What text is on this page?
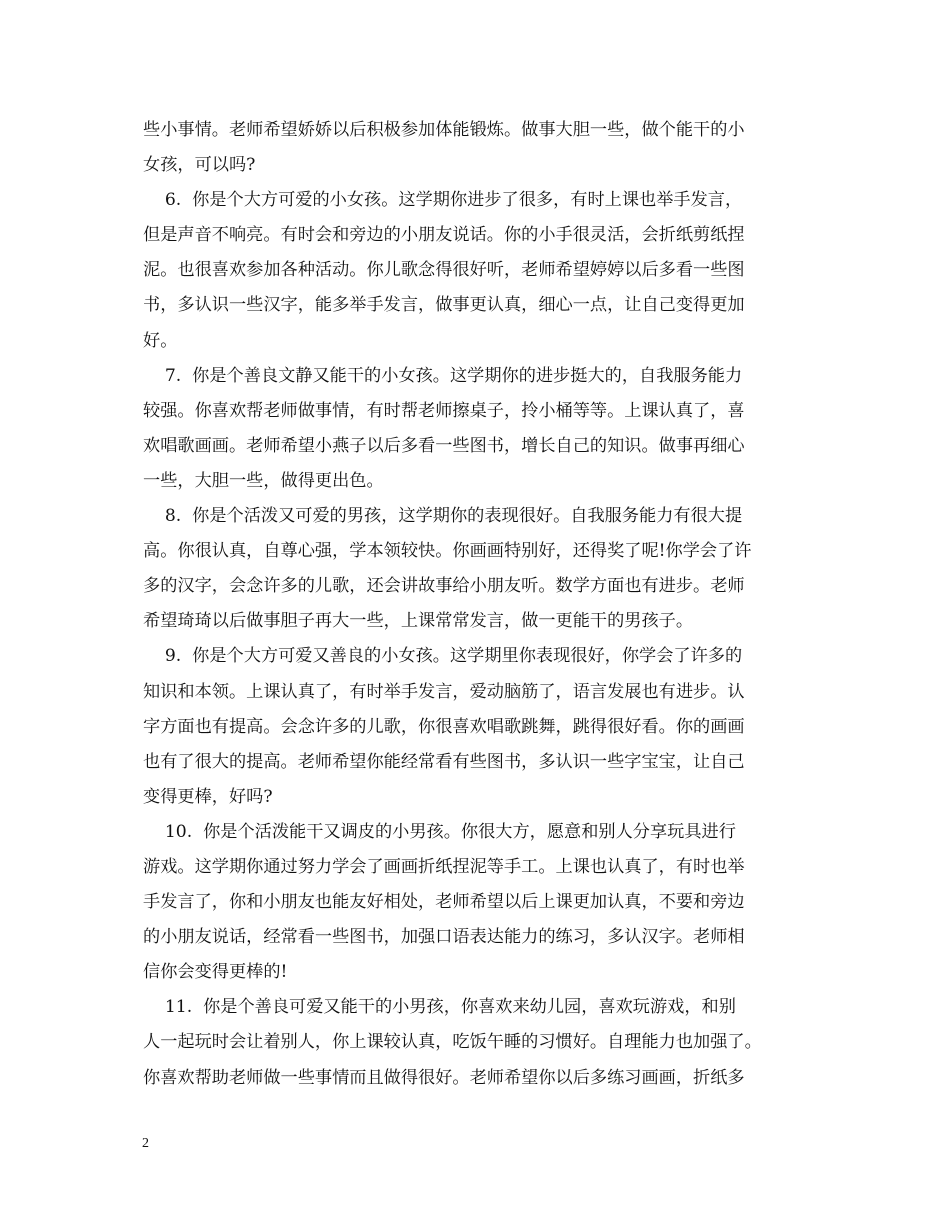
些小事情。老师希望娇娇以后积极参加体能锻炼。做事大胆一些，做个能干的小
女孩，可以吗?
6.  你是个大方可爱的小女孩。这学期你进步了很多，有时上课也举手发言，
但是声音不响亮。有时会和旁边的小朋友说话。你的小手很灵活，会折纸剪纸捏
泥。也很喜欢参加各种活动。你儿歌念得很好听，老师希望婷婷以后多看一些图
书，多认识一些汉字，能多举手发言，做事更认真，细心一点，让自己变得更加
好。
7.  你是个善良文静又能干的小女孩。这学期你的进步挺大的，自我服务能力
较强。你喜欢帮老师做事情，有时帮老师擦桌子，拎小桶等等。上课认真了，喜
欢唱歌画画。老师希望小燕子以后多看一些图书，增长自己的知识。做事再细心
一些，大胆一些，做得更出色。
8.  你是个活泼又可爱的男孩，这学期你的表现很好。自我服务能力有很大提
高。你很认真，自尊心强，学本领较快。你画画特别好，还得奖了呢!你学会了许
多的汉字，会念许多的儿歌，还会讲故事给小朋友听。数学方面也有进步。老师
希望琦琦以后做事胆子再大一些，上课常常发言，做一更能干的男孩子。
9.  你是个大方可爱又善良的小女孩。这学期里你表现很好，你学会了许多的
知识和本领。上课认真了，有时举手发言，爱动脑筋了，语言发展也有进步。认
字方面也有提高。会念许多的儿歌，你很喜欢唱歌跳舞，跳得很好看。你的画画
也有了很大的提高。老师希望你能经常看有些图书，多认识一些字宝宝，让自己
变得更棒，好吗?
10.  你是个活泼能干又调皮的小男孩。你很大方，愿意和别人分享玩具进行
游戏。这学期你通过努力学会了画画折纸捏泥等手工。上课也认真了，有时也举
手发言了，你和小朋友也能友好相处，老师希望以后上课更加认真，不要和旁边
的小朋友说话，经常看一些图书，加强口语表达能力的练习，多认汉字。老师相
信你会变得更棒的!
11.  你是个善良可爱又能干的小男孩，你喜欢来幼儿园，喜欢玩游戏，和别
人一起玩时会让着别人，你上课较认真，吃饭午睡的习惯好。自理能力也加强了。
你喜欢帮助老师做一些事情而且做得很好。老师希望你以后多练习画画，折纸多
2
